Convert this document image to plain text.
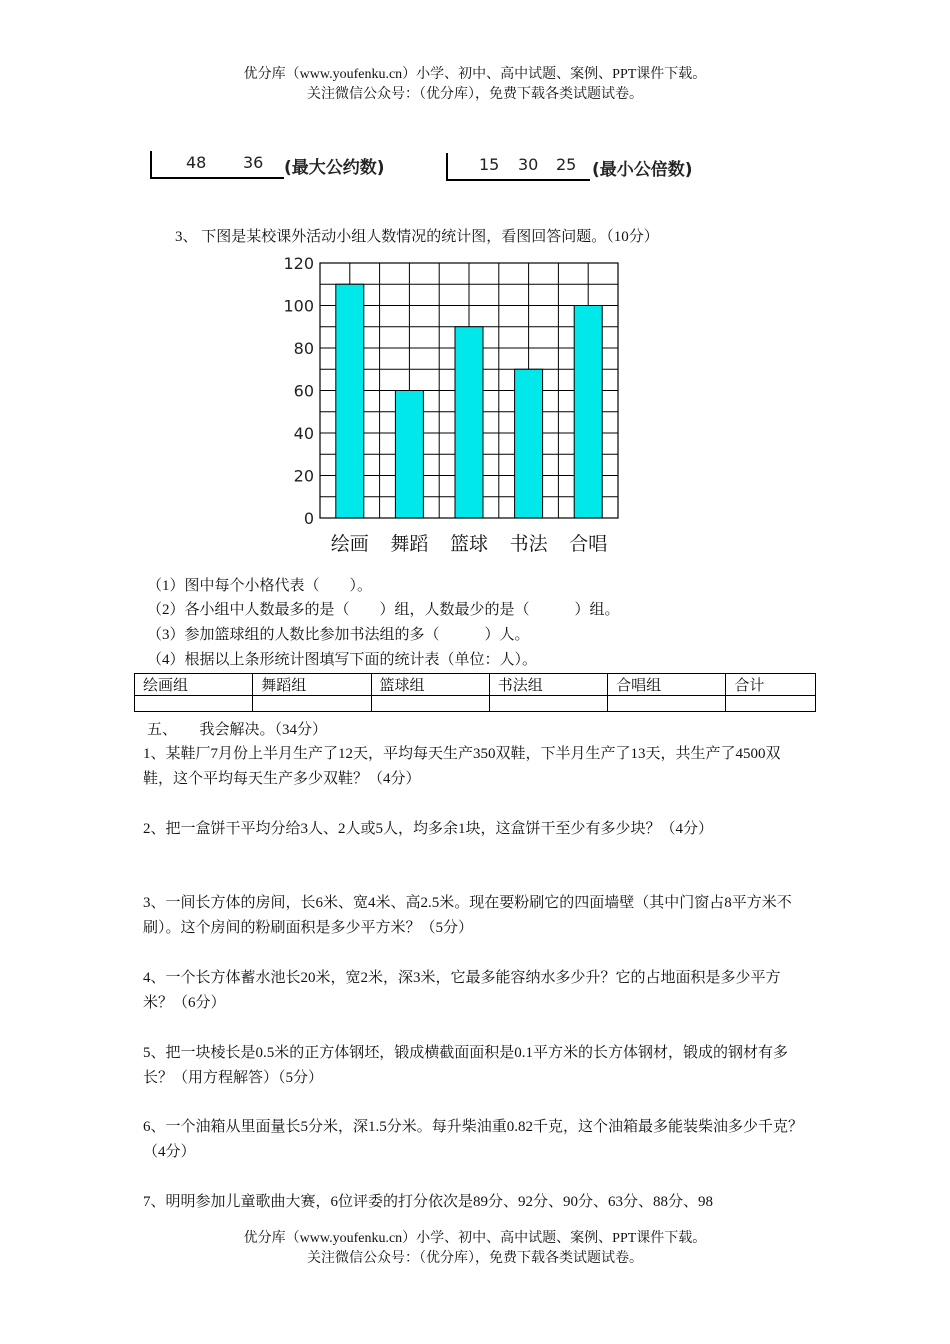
优分库（www.youfenku.cn）小学、初中、高中试题、案例、PPT课件下载。
关注微信公众号：（优分库），免费下载各类试题试卷。
48 36 (最大公约数)	15 30 25 (最小公倍数)
3、 下图是某校课外活动小组人数情况的统计图，看图回答问题。（10分）
0
20
40
60
80
100
120
绘画 舞蹈 篮球 书法 合唱
（1）图中每个小格代表（　　）。
（2）各小组中人数最多的是（　　）组，人数最少的是（　　　）组。
（3）参加篮球组的人数比参加书法组的多（　　　）人。
（4）根据以上条形统计图填写下面的统计表（单位：人）。
绘画组	舞蹈组	篮球组	书法组	合唱组	合计

五、　　我会解决。（34分）
1、某鞋厂7月份上半月生产了12天，平均每天生产350双鞋，下半月生产了13天，共生产了4500双鞋，这个平均每天生产多少双鞋？（4分）
2、把一盒饼干平均分给3人、2人或5人，均多余1块，这盒饼干至少有多少块？（4分）
3、一间长方体的房间，长6米、宽4米、高2.5米。现在要粉刷它的四面墙壁（其中门窗占8平方米不刷）。这个房间的粉刷面积是多少平方米？（5分）
4、一个长方体蓄水池长20米，宽2米，深3米，它最多能容纳水多少升？它的占地面积是多少平方米？（6分）
5、把一块棱长是0.5米的正方体钢坯，锻成横截面面积是0.1平方米的长方体钢材，锻成的钢材有多长？（用方程解答）（5分）
6、一个油箱从里面量长5分米，深1.5分米。每升柴油重0.82千克，这个油箱最多能装柴油多少千克？（4分）
7、明明参加儿童歌曲大赛，6位评委的打分依次是89分、92分、90分、63分、88分、98
优分库（www.youfenku.cn）小学、初中、高中试题、案例、PPT课件下载。
关注微信公众号：（优分库），免费下载各类试题试卷。
